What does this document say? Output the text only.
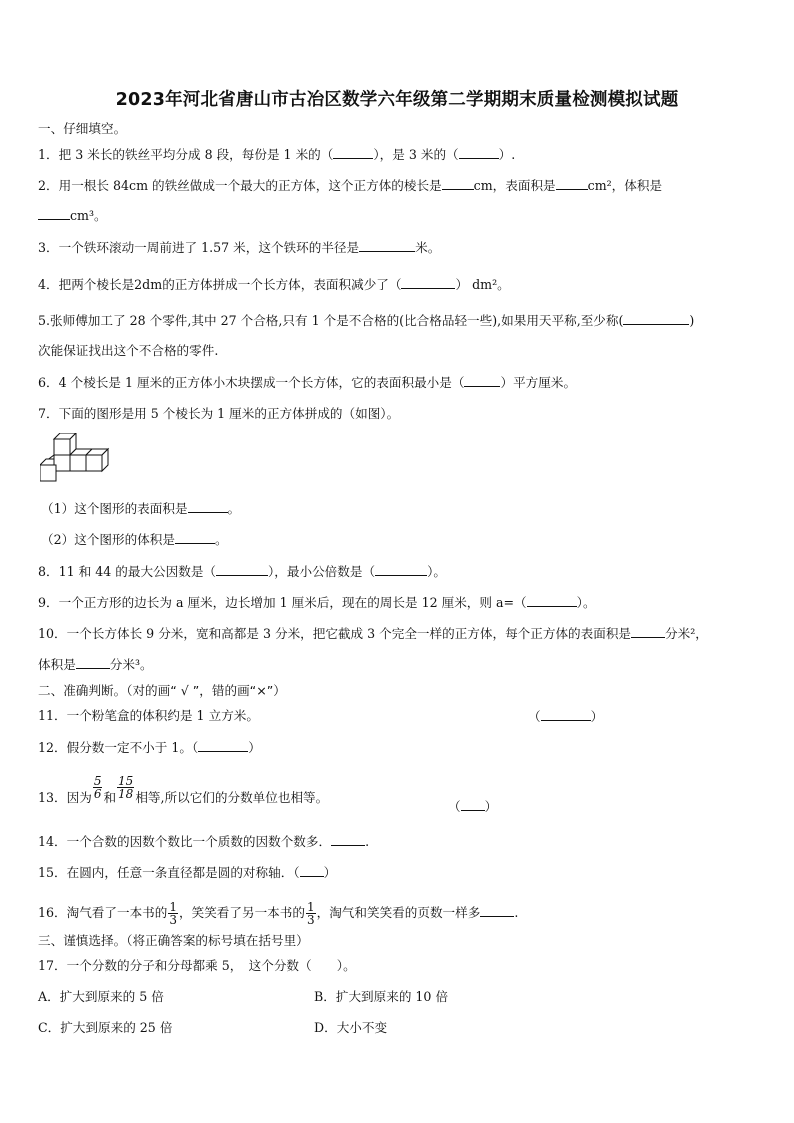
2023年河北省唐山市古冶区数学六年级第二学期期末质量检测模拟试题
一、仔细填空。
1．把 3 米长的铁丝平均分成 8 段，每份是 1 米的（	），是 3 米的（	）.
2．用一根长 84cm 的铁丝做成一个最大的正方体，这个正方体的棱长是	cm，表面积是	cm²，体积是
cm³。
3．一个铁环滚动一周前进了 1.57 米，这个铁环的半径是	米。
4．把两个棱长是2dm的正方体拼成一个长方体，表面积减少了（	） dm²。
5.张师傅加工了 28 个零件,其中 27 个合格,只有 1 个是不合格的(比合格品轻一些),如果用天平称,至少称(	)
次能保证找出这个不合格的零件.
6．4 个棱长是 1 厘米的正方体小木块摆成一个长方体，它的表面积最小是（	）平方厘米。
7．下面的图形是用 5 个棱长为 1 厘米的正方体拼成的（如图）。
（1）这个图形的表面积是	。
（2）这个图形的体积是	。
8．11 和 44 的最大公因数是（	），最小公倍数是（	）。
9．一个正方形的边长为 a 厘米，边长增加 1 厘米后，现在的周长是 12 厘米，则 a=（	）。
10．一个长方体长 9 分米，宽和高都是 3 分米，把它截成 3 个完全一样的正方体，每个正方体的表面积是	分米²，
体积是	分米³。
二、准确判断。（对的画“ √ ”，错的画“×”）
11．一个粉笔盒的体积约是 1 立方米。	（	）
12．假分数一定不小于 1。（	）
13．因为 $\frac{5}{6}$ 和 $\frac{15}{18}$ 相等,所以它们的分数单位也相等。
（ ）
14．一个合数的因数个数比一个质数的因数个数多．	.
15．在圆内，任意一条直径都是圆的对称轴．（ ）
16．淘气看了一本书的 $\frac{1}{3}$ ，笑笑看了另一本书的 $\frac{1}{3}$ ，淘气和笑笑看的页数一样多	.
三、谨慎选择。（将正确答案的标号填在括号里）
17．一个分数的分子和分母都乘 5，　这个分数（　　）。
A．扩大到原来的 5 倍	B．扩大到原来的 10 倍
C．扩大到原来的 25 倍	D．大小不变
